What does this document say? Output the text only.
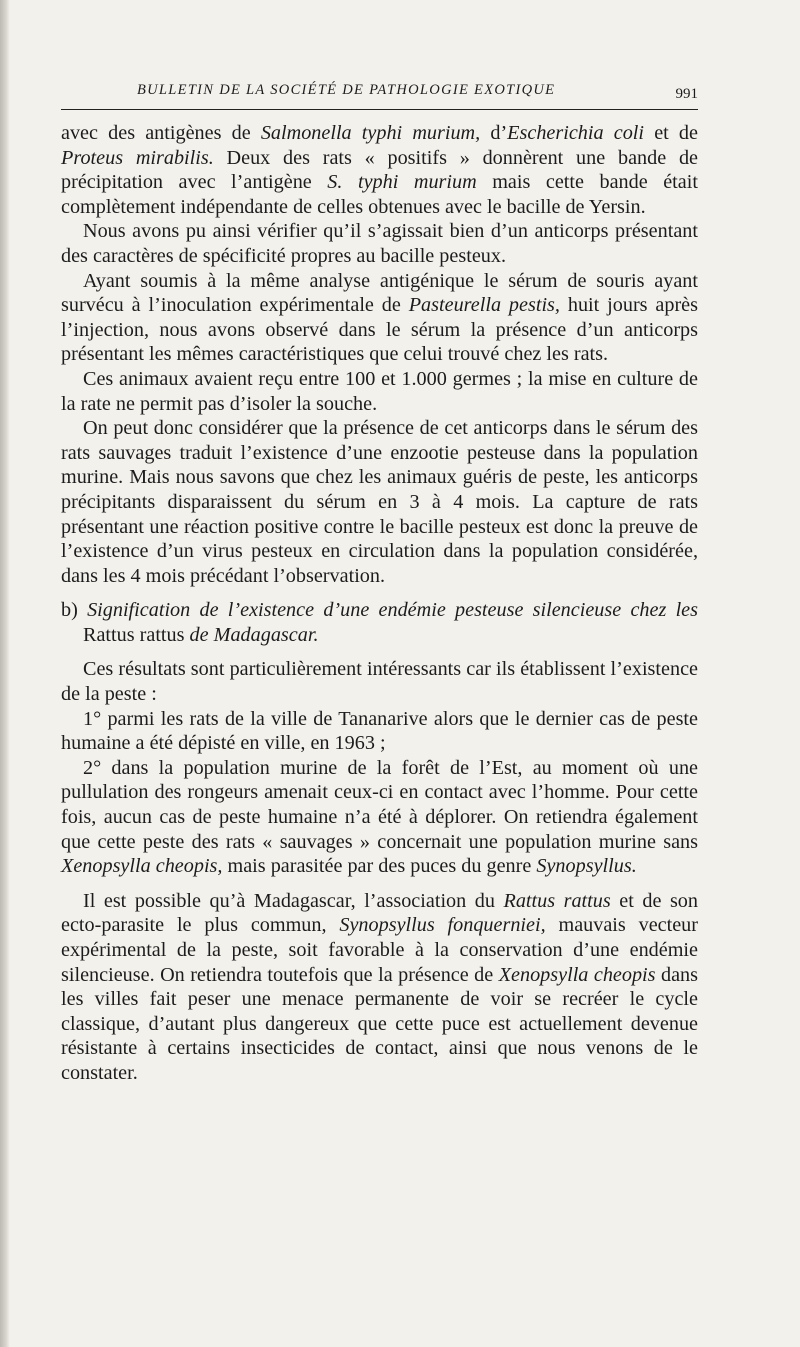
BULLETIN DE LA SOCIÉTÉ DE PATHOLOGIE EXOTIQUE	991

avec des antigènes de Salmonella typhi murium, d’Escherichia coli et de Proteus mirabilis. Deux des rats « positifs » donnèrent une bande de précipitation avec l’antigène S. typhi murium mais cette bande était complètement indépendante de celles obtenues avec le bacille de Yersin.

Nous avons pu ainsi vérifier qu’il s’agissait bien d’un anticorps présentant des caractères de spécificité propres au bacille pesteux.

Ayant soumis à la même analyse antigénique le sérum de souris ayant survécu à l’inoculation expérimentale de Pasteurella pestis, huit jours après l’injection, nous avons observé dans le sérum la présence d’un anticorps présentant les mêmes caractéristiques que celui trouvé chez les rats.

Ces animaux avaient reçu entre 100 et 1.000 germes ; la mise en culture de la rate ne permit pas d’isoler la souche.

On peut donc considérer que la présence de cet anticorps dans le sérum des rats sauvages traduit l’existence d’une enzootie pesteuse dans la population murine. Mais nous savons que chez les animaux guéris de peste, les anticorps précipitants disparaissent du sérum en 3 à 4 mois. La capture de rats présentant une réaction positive contre le bacille pesteux est donc la preuve de l’existence d’un virus pesteux en circulation dans la population considérée, dans les 4 mois précédant l’observation.

b) Signification de l’existence d’une endémie pesteuse silencieuse chez les Rattus rattus de Madagascar.

Ces résultats sont particulièrement intéressants car ils établissent l’existence de la peste :

1° parmi les rats de la ville de Tananarive alors que le dernier cas de peste humaine a été dépisté en ville, en 1963 ;

2° dans la population murine de la forêt de l’Est, au moment où une pullulation des rongeurs amenait ceux-ci en contact avec l’homme. Pour cette fois, aucun cas de peste humaine n’a été à déplorer. On retiendra également que cette peste des rats « sauvages » concernait une population murine sans Xenopsylla cheopis, mais parasitée par des puces du genre Synopsyllus.

Il est possible qu’à Madagascar, l’association du Rattus rattus et de son ecto-parasite le plus commun, Synopsyllus fonquerniei, mauvais vecteur expérimental de la peste, soit favorable à la conservation d’une endémie silencieuse. On retiendra toutefois que la présence de Xenopsylla cheopis dans les villes fait peser une menace permanente de voir se recréer le cycle classique, d’autant plus dangereux que cette puce est actuellement devenue résistante à certains insecticides de contact, ainsi que nous venons de le constater.
